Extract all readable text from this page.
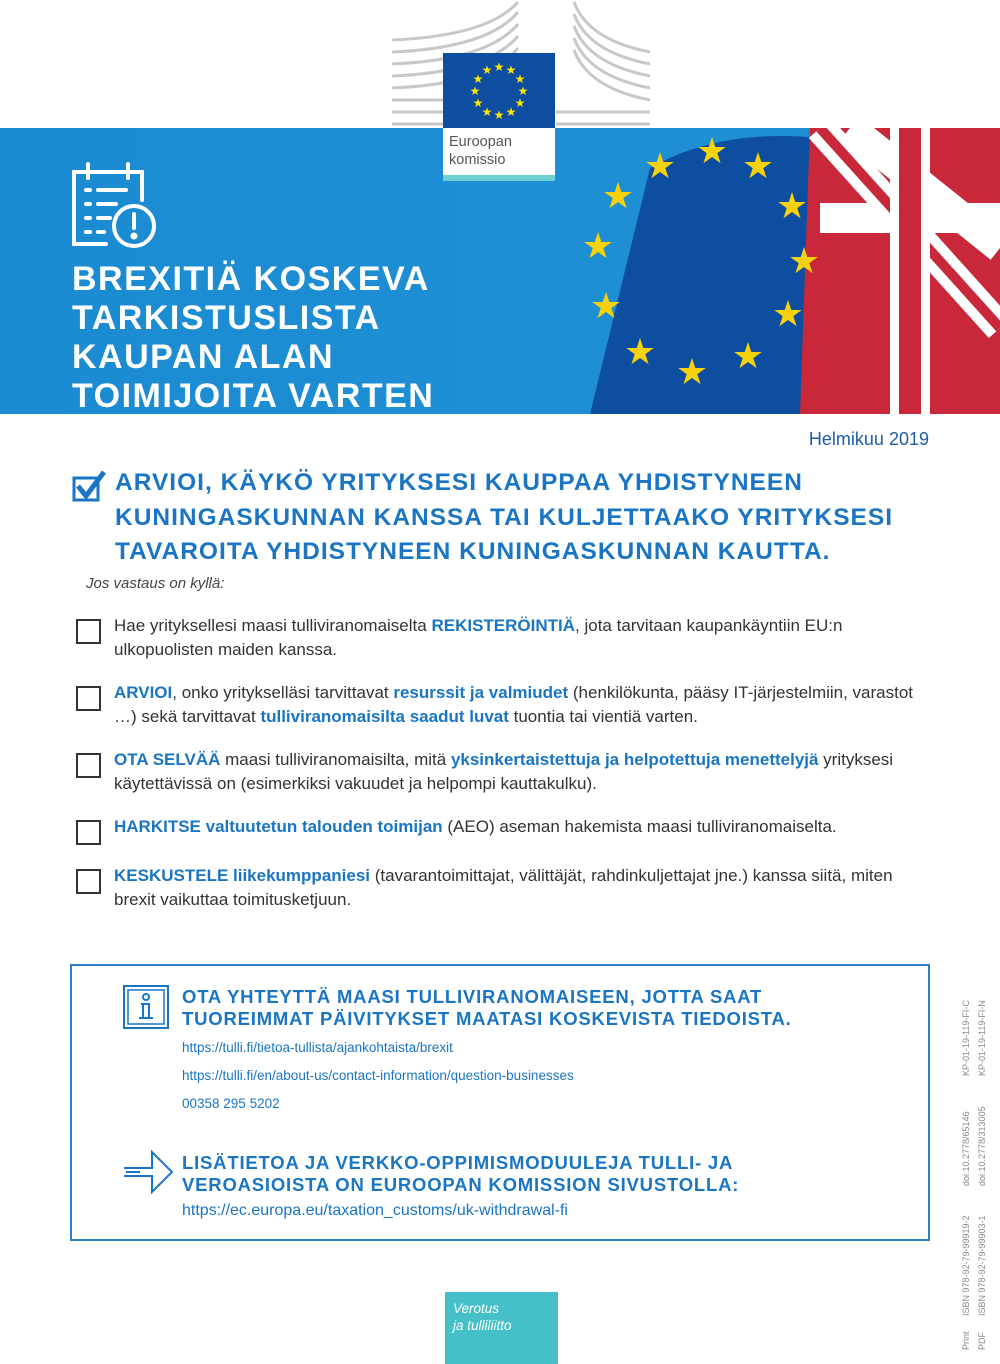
★ ★ ★
★
★
★
★
★
★
★
★
★
★ ★
★
★
★
★
★
★
★
★
★
★
Euroopan
komissio
BREXITIÄ KOSKEVA
TARKISTUSLISTA
KAUPAN ALAN
TOIMIJOITA VARTEN
Helmikuu 2019
ARVIOI, KÄYKÖ YRITYKSESI KAUPPAA YHDISTYNEEN KUNINGASKUNNAN KANSSA TAI KULJETTAAKO YRITYKSESI TAVAROITA YHDISTYNEEN KUNINGASKUNNAN KAUTTA.
Jos vastaus on kyllä:
Hae yrityksellesi maasi tulliviranomaiselta REKISTERÖINTIÄ, jota tarvitaan kaupankäyntiin EU:n ulkopuolisten maiden kanssa.
ARVIOI, onko yritykselläsi tarvittavat resurssit ja valmiudet (henkilökunta, pääsy IT-järjestelmiin, varastot …) sekä tarvittavat tulliviranomaisilta saadut luvat tuontia tai vientiä varten.
OTA SELVÄÄ maasi tulliviranomaisilta, mitä yksinkertaistettuja ja helpotettuja menettelyjä yrityksesi käytettävissä on (esimerkiksi vakuudet ja helpompi kauttakulku).
HARKITSE valtuutetun talouden toimijan (AEO) aseman hakemista maasi tulliviranomaiselta.
KESKUSTELE liikekumppaniesi (tavarantoimittajat, välittäjät, rahdinkuljettajat jne.) kanssa siitä, miten brexit vaikuttaa toimitusketjuun.
OTA YHTEYTTÄ MAASI TULLIVIRANOMAISEEN, JOTTA SAAT
TUOREIMMAT PÄIVITYKSET MAATASI KOSKEVISTA TIEDOISTA.
https://tulli.fi/tietoa-tullista/ajankohtaista/brexit
https://tulli.fi/en/about-us/contact-information/question-businesses
00358 295 5202
LISÄTIETOA JA VERKKO-OPPIMISMODUULEJA TULLI- JA
VEROASIOISTA ON EUROOPAN KOMISSION SIVUSTOLLA:
https://ec.europa.eu/taxation_customs/uk-withdrawal-fi
Print
ISBN 978-92-79-99919-2
doi:10.2778/65146
KP-01-19-119-FI-C
PDF
ISBN 978-92-79-99903-1
doi:10.2778/313005
KP-01-19-119-FI-N
Verotus
ja tulliliitto
